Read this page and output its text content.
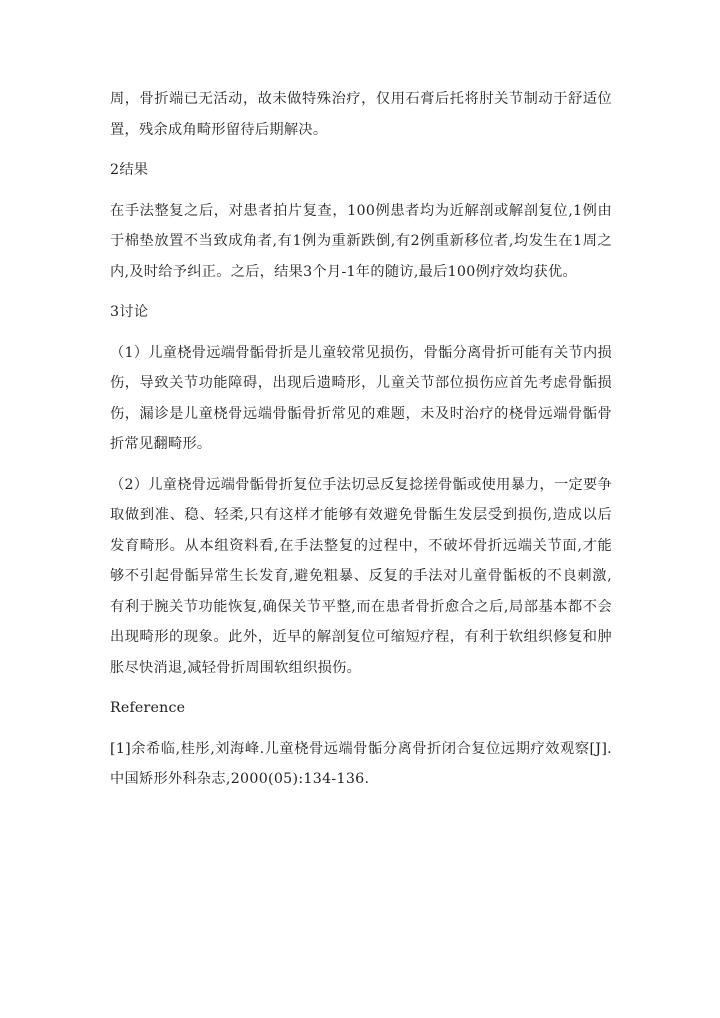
周，骨折端已无活动，故未做特殊治疗，仅用石膏后托将肘关节制动于舒适位置，残余成角畸形留待后期解决。

2结果

在手法整复之后，对患者拍片复查，100例患者均为近解剖或解剖复位,1例由于棉垫放置不当致成角者,有1例为重新跌倒,有2例重新移位者,均发生在1周之内,及时给予纠正。之后，结果3个月-1年的随访,最后100例疗效均获优。

3讨论

（1）儿童桡骨远端骨骺骨折是儿童较常见损伤，骨骺分离骨折可能有关节内损伤，导致关节功能障碍，出现后遗畸形，儿童关节部位损伤应首先考虑骨骺损伤，漏诊是儿童桡骨远端骨骺骨折常见的难题，未及时治疗的桡骨远端骨骺骨折常见翻畸形。

（2）儿童桡骨远端骨骺骨折复位手法切忌反复捻搓骨骺或使用暴力，一定要争取做到准、稳、轻柔,只有这样才能够有效避免骨骺生发层受到损伤,造成以后发育畸形。从本组资料看,在手法整复的过程中，不破坏骨折远端关节面,才能够不引起骨骺异常生长发育,避免粗暴、反复的手法对儿童骨骺板的不良刺激,有利于腕关节功能恢复,确保关节平整,而在患者骨折愈合之后,局部基本都不会出现畸形的现象。此外，近早的解剖复位可缩短疗程，有利于软组织修复和肿胀尽快消退,减轻骨折周围软组织损伤。

Reference

[1]余希临,桂彤,刘海峰.儿童桡骨远端骨骺分离骨折闭合复位远期疗效观察[J].中国矫形外科杂志,2000(05):134-136.
